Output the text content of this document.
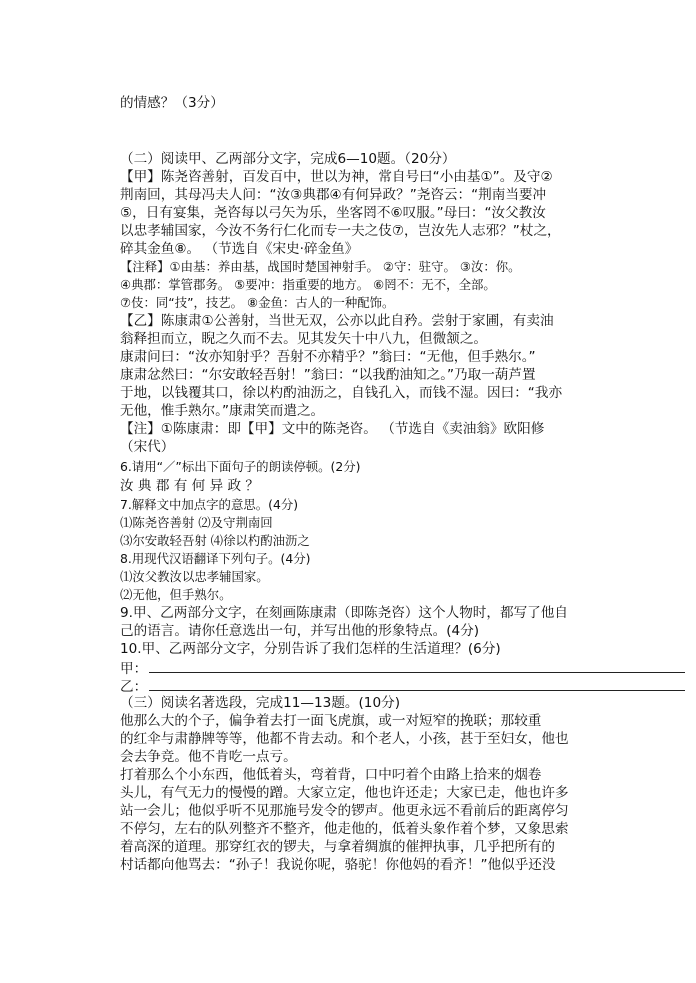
的情感？（3分）
（二）阅读甲、乙两部分文字，完成6—10题。（20分）
【甲】陈尧咨善射，百发百中，世以为神，常自号曰“小由基①”。及守②
荆南回，其母冯夫人问：“汝③典郡④有何异政？”尧咨云：“荆南当要冲
⑤，日有宴集，尧咨每以弓矢为乐，坐客罔不⑥叹服。”母曰：“汝父教汝
以忠孝辅国家，今汝不务行仁化而专一夫之伎⑦，岂汝先人志邪？”杖之，
碎其金鱼⑧。 （节选自《宋史·碎金鱼》
【注释】①由基：养由基，战国时楚国神射手。 ②守：驻守。 ③汝：你。
④典郡：掌管郡务。 ⑤要冲：指重要的地方。 ⑥罔不：无不，全部。
⑦伎：同“技”，技艺。 ⑧金鱼：古人的一种配饰。
【乙】陈康肃①公善射，当世无双，公亦以此自矜。尝射于家圃，有卖油
翁释担而立，睨之久而不去。见其发矢十中八九，但微颔之。
康肃问曰：“汝亦知射乎？吾射不亦精乎？”翁曰：“无他，但手熟尔。”
康肃忿然曰：“尔安敢轻吾射！”翁曰：“以我酌油知之。”乃取一葫芦置
于地，以钱覆其口，徐以杓酌油沥之，自钱孔入，而钱不湿。因曰：“我亦
无他，惟手熟尔。”康肃笑而遣之。
【注】①陈康肃：即【甲】文中的陈尧咨。 （节选自《卖油翁》欧阳修
（宋代）
6.请用“／”标出下面句子的朗读停顿。(2分)
汝 典 郡 有 何 异 政 ？
7.解释文中加点字的意思。(4分)
⑴陈尧咨善射 ⑵及守荆南回
⑶尔安敢轻吾射 ⑷徐以杓酌油沥之
8.用现代汉语翻译下列句子。(4分)
⑴汝父教汝以忠孝辅国家。
⑵无他，但手熟尔。
9.甲、乙两部分文字，在刻画陈康肃（即陈尧咨）这个人物时，都写了他自
己的语言。请你任意选出一句，并写出他的形象特点。(4分)
10.甲、乙两部分文字，分别告诉了我们怎样的生活道理？(6分)
甲：
乙：
（三）阅读名著选段，完成11—13题。(10分)
他那么大的个子，偏争着去打一面飞虎旗，或一对短窄的挽联；那较重
的红伞与肃静牌等等，他都不肯去动。和个老人，小孩，甚于至妇女，他也
会去争竞。他不肯吃一点亏。
打着那么个小东西，他低着头，弯着背，口中叼着个由路上拾来的烟卷
头儿，有气无力的慢慢的蹭。大家立定，他也许还走；大家已走，他也许多
站一会儿；他似乎听不见那施号发令的锣声。他更永远不看前后的距离停匀
不停匀，左右的队列整齐不整齐，他走他的，低着头象作着个梦，又象思索
着高深的道理。那穿红衣的锣夫，与拿着绸旗的催押执事，几乎把所有的
村话都向他骂去：“孙子！我说你呢，骆驼！你他妈的看齐！”他似乎还没
